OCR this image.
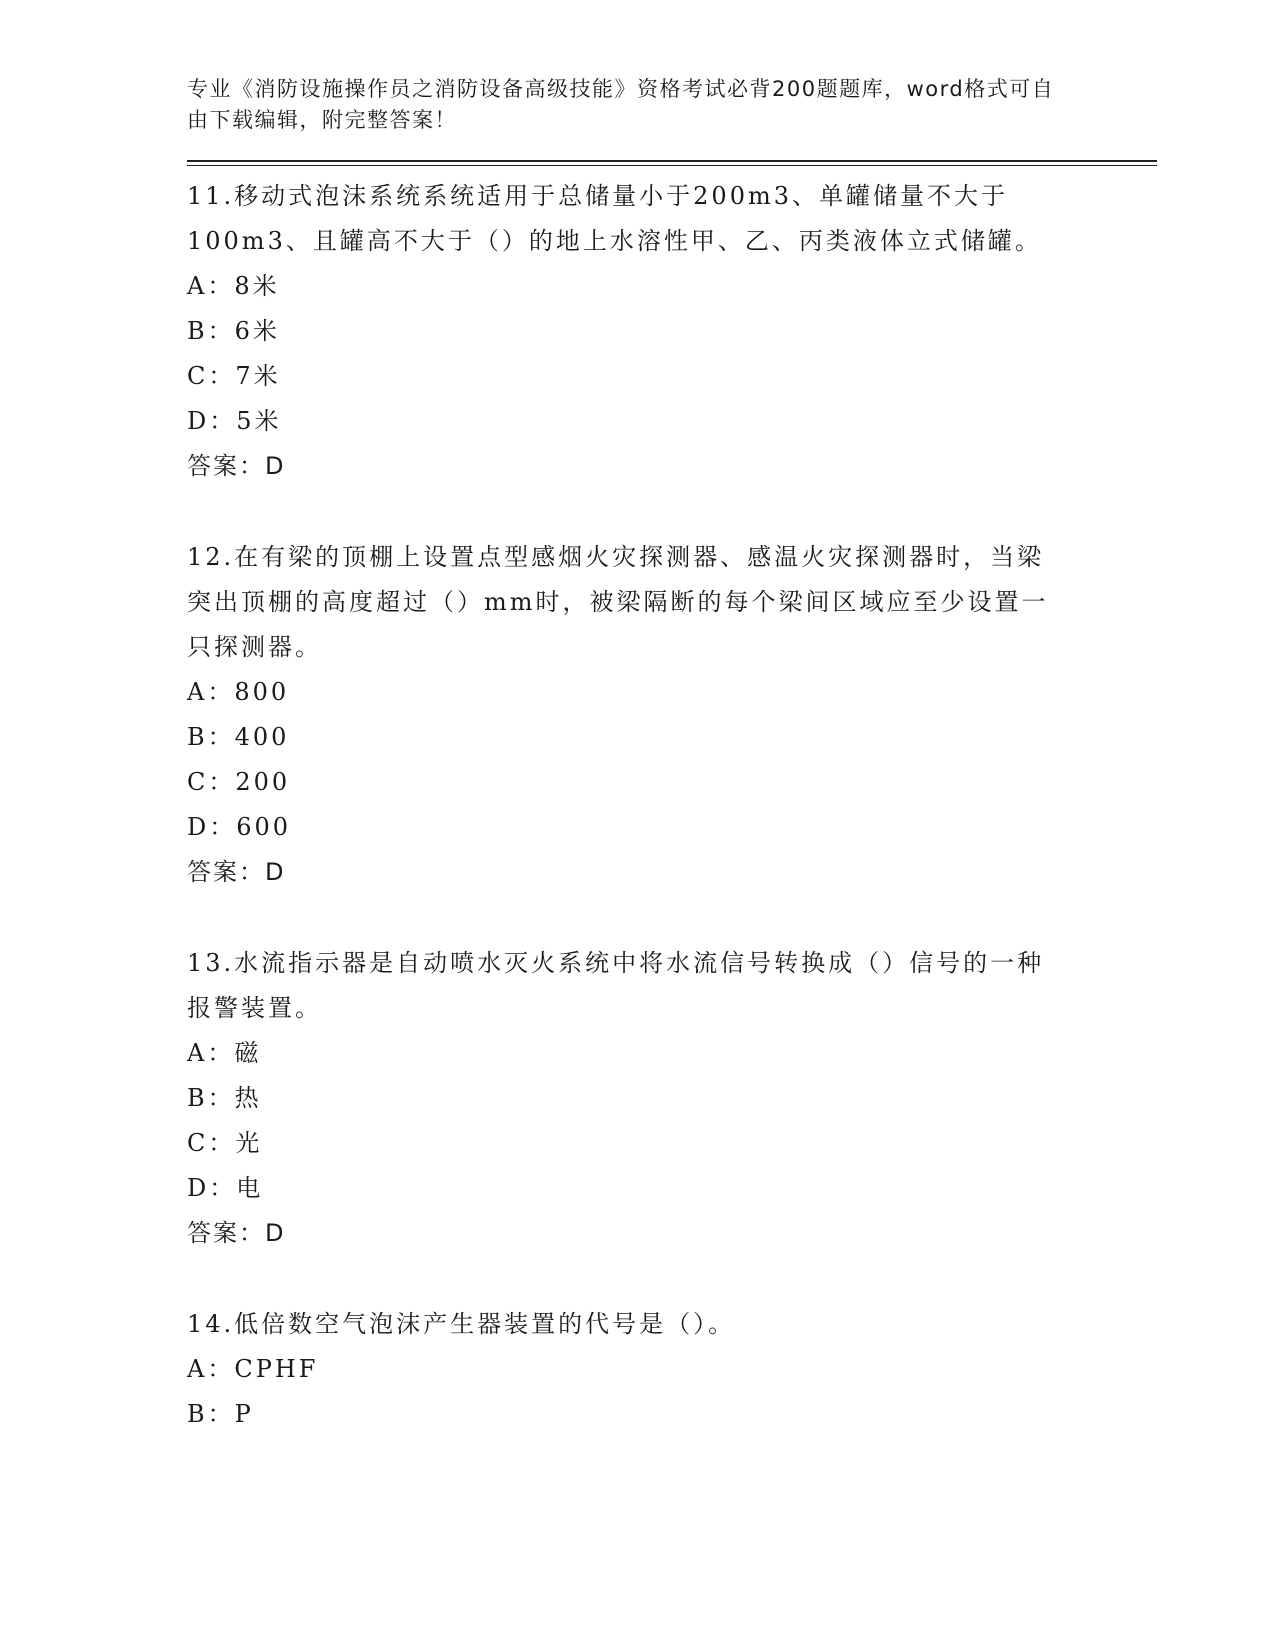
专业《消防设施操作员之消防设备高级技能》资格考试必背200题题库，word格式可自由下载编辑，附完整答案！

11.移动式泡沫系统系统适用于总储量小于200m3、单罐储量不大于100m3、且罐高不大于（）的地上水溶性甲、乙、丙类液体立式储罐。

A：8米

B：6米

C：7米

D：5米

答案：D

12.在有梁的顶棚上设置点型感烟火灾探测器、感温火灾探测器时，当梁突出顶棚的高度超过（）mm时，被梁隔断的每个梁间区域应至少设置一只探测器。

A：800

B：400

C：200

D：600

答案：D

13.水流指示器是自动喷水灭火系统中将水流信号转换成（）信号的一种报警装置。

A：磁

B：热

C：光

D：电

答案：D

14.低倍数空气泡沫产生器装置的代号是（）。

A：CPHF

B：P
